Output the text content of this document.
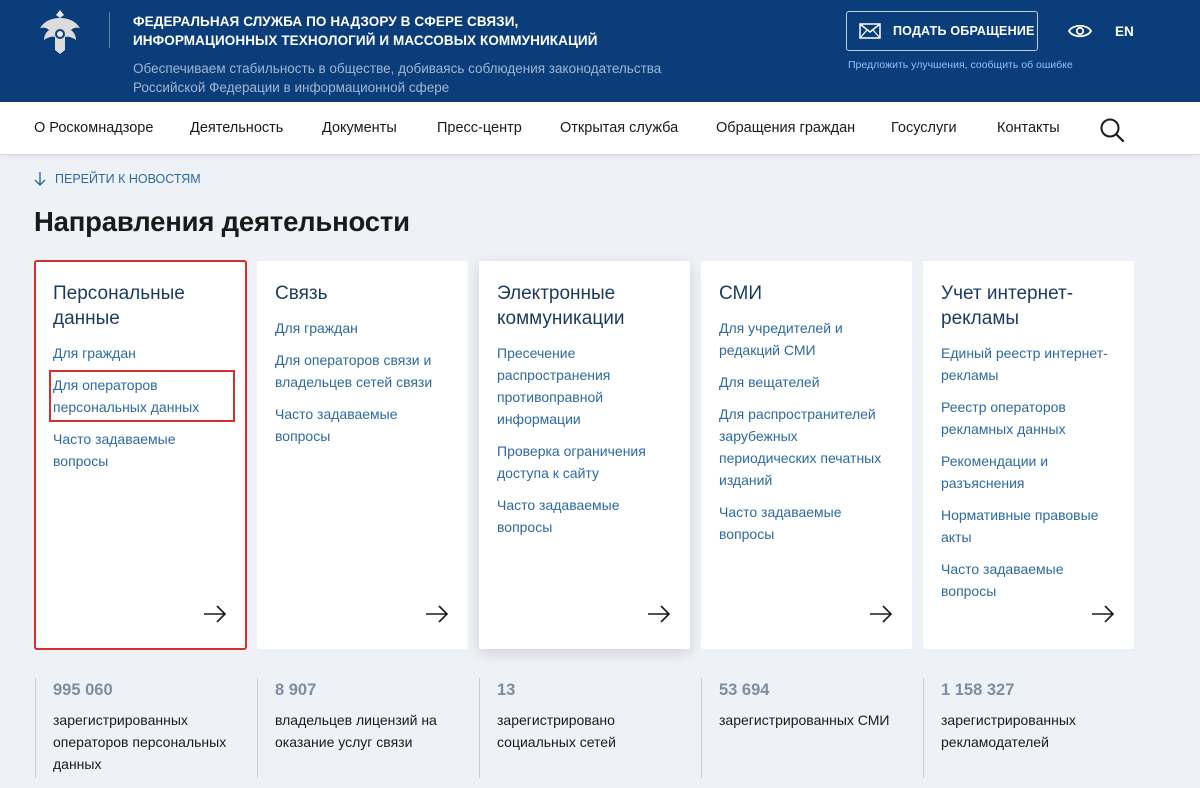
ФЕДЕРАЛЬНАЯ СЛУЖБА ПО НАДЗОРУ В СФЕРЕ СВЯЗИ,
ИНФОРМАЦИОННЫХ ТЕХНОЛОГИЙ И МАССОВЫХ КОММУНИКАЦИЙ
Обеспечиваем стабильность в обществе, добиваясь соблюдения законодательства
Российской Федерации в информационной сфере
ПОДАТЬ ОБРАЩЕНИЕ
Предложить улучшения, сообщить об ошибке
EN
О Роскомнадзоре	Деятельность	Документы	Пресс-центр	Открытая служба	Обращения граждан Госуслуги	Контакты
ПЕРЕЙТИ К НОВОСТЯМ
Направления деятельности
Персональные данные
Для граждан
Для операторов персональных данных
Часто задаваемые вопросы
Связь
Для граждан
Для операторов связи и владельцев сетей связи
Часто задаваемые вопросы
Электронные коммуникации
Пресечение распространения противоправной информации
Проверка ограничения доступа к сайту
Часто задаваемые вопросы
СМИ
Для учредителей и редакций СМИ
Для вещателей
Для распространителей зарубежных периодических печатных изданий
Часто задаваемые вопросы
Учет интернет-рекламы
Единый реестр интернет-рекламы
Реестр операторов рекламных данных
Рекомендации и разъяснения
Нормативные правовые акты
Часто задаваемые вопросы
995 060
зарегистрированных операторов персональных данных
8 907
владельцев лицензий на оказание услуг связи
13
зарегистрировано социальных сетей
53 694
зарегистрированных СМИ
1 158 327
зарегистрированных рекламодателей
